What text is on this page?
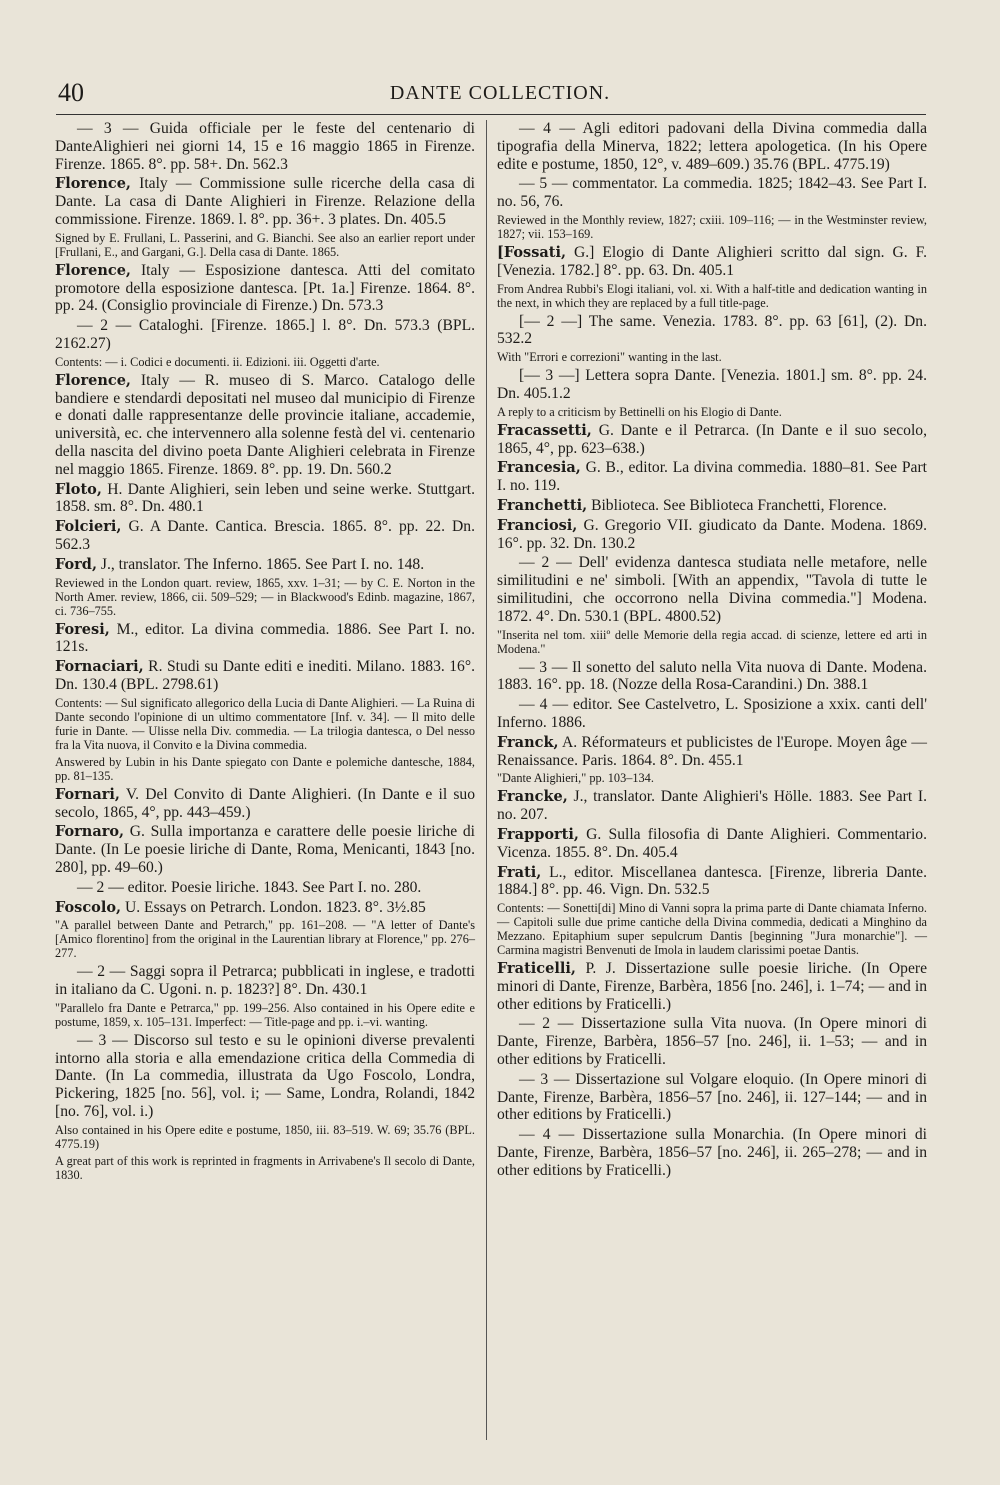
40	DANTE COLLECTION.

— 3 — Guida officiale per le feste del centenario di DanteAlighieri nei giorni 14, 15 e 16 maggio 1865 in Firenze. Firenze. 1865. 8°. pp. 58+. Dn. 562.3

Florence, Italy — Commissione sulle ricerche della casa di Dante. La casa di Dante Alighieri in Firenze. Relazione della commissione. Firenze. 1869. l. 8°. pp. 36+. 3 plates. Dn. 405.5

Signed by E. Frullani, L. Passerini, and G. Bianchi. See also an earlier report under [Frullani, E., and Gargani, G.]. Della casa di Dante. 1865.

Florence, Italy — Esposizione dantesca. Atti del comitato promotore della esposizione dantesca. [Pt. 1a.] Firenze. 1864. 8°. pp. 24. (Consiglio provinciale di Firenze.) Dn. 573.3

— 2 — Cataloghi. [Firenze. 1865.] l. 8°. Dn. 573.3 (BPL. 2162.27)

Contents: — i. Codici e documenti. ii. Edizioni. iii. Oggetti d'arte.

Florence, Italy — R. museo di S. Marco. Catalogo delle bandiere e stendardi depositati nel museo dal municipio di Firenze e donati dalle rappresentanze delle provincie italiane, accademie, università, ec. che intervennero alla solenne festà del vi. centenario della nascita del divino poeta Dante Alighieri celebrata in Firenze nel maggio 1865. Firenze. 1869. 8°. pp. 19. Dn. 560.2

Floto, H. Dante Alighieri, sein leben und seine werke. Stuttgart. 1858. sm. 8°. Dn. 480.1

Folcieri, G. A Dante. Cantica. Brescia. 1865. 8°. pp. 22. Dn. 562.3

Ford, J., translator. The Inferno. 1865. See Part I. no. 148.

Reviewed in the London quart. review, 1865, xxv. 1–31; — by C. E. Norton in the North Amer. review, 1866, cii. 509–529; — in Blackwood's Edinb. magazine, 1867, ci. 736–755.

Foresi, M., editor. La divina commedia. 1886. See Part I. no. 121s.

Fornaciari, R. Studi su Dante editi e inediti. Milano. 1883. 16°. Dn. 130.4 (BPL. 2798.61)

Contents: — Sul significato allegorico della Lucia di Dante Alighieri. — La Ruina di Dante secondo l'opinione di un ultimo commentatore [Inf. v. 34]. — Il mito delle furie in Dante. — Ulisse nella Div. commedia. — La trilogia dantesca, o Del nesso fra la Vita nuova, il Convito e la Divina commedia.

Answered by Lubin in his Dante spiegato con Dante e polemiche dantesche, 1884, pp. 81–135.

Fornari, V. Del Convito di Dante Alighieri. (In Dante e il suo secolo, 1865, 4°, pp. 443–459.)

Fornaro, G. Sulla importanza e carattere delle poesie liriche di Dante. (In Le poesie liriche di Dante, Roma, Menicanti, 1843 [no. 280], pp. 49–60.)

— 2 — editor. Poesie liriche. 1843. See Part I. no. 280.

Foscolo, U. Essays on Petrarch. London. 1823. 8°. 3½.85

"A parallel between Dante and Petrarch," pp. 161–208. — "A letter of Dante's [Amico florentino] from the original in the Laurentian library at Florence," pp. 276–277.

— 2 — Saggi sopra il Petrarca; pubblicati in inglese, e tradotti in italiano da C. Ugoni. n. p. 1823?] 8°. Dn. 430.1

"Parallelo fra Dante e Petrarca," pp. 199–256. Also contained in his Opere edite e postume, 1859, x. 105–131. Imperfect: — Title-page and pp. i.–vi. wanting.

— 3 — Discorso sul testo e su le opinioni diverse prevalenti intorno alla storia e alla emendazione critica della Commedia di Dante. (In La commedia, illustrata da Ugo Foscolo, Londra, Pickering, 1825 [no. 56], vol. i; — Same, Londra, Rolandi, 1842 [no. 76], vol. i.)

Also contained in his Opere edite e postume, 1850, iii. 83–519. W. 69; 35.76 (BPL. 4775.19)

A great part of this work is reprinted in fragments in Arrivabene's Il secolo di Dante, 1830.

— 4 — Agli editori padovani della Divina commedia dalla tipografia della Minerva, 1822; lettera apologetica. (In his Opere edite e postume, 1850, 12°, v. 489–609.) 35.76 (BPL. 4775.19)

— 5 — commentator. La commedia. 1825; 1842–43. See Part I. no. 56, 76.

Reviewed in the Monthly review, 1827; cxiii. 109–116; — in the Westminster review, 1827; vii. 153–169.

[Fossati, G.] Elogio di Dante Alighieri scritto dal sign. G. F. [Venezia. 1782.] 8°. pp. 63. Dn. 405.1

From Andrea Rubbi's Elogi italiani, vol. xi. With a half-title and dedication wanting in the next, in which they are replaced by a full title-page.

[— 2 —] The same. Venezia. 1783. 8°. pp. 63 [61], (2). Dn. 532.2

With "Errori e correzioni" wanting in the last.

[— 3 —] Lettera sopra Dante. [Venezia. 1801.] sm. 8°. pp. 24. Dn. 405.1.2

A reply to a criticism by Bettinelli on his Elogio di Dante.

Fracassetti, G. Dante e il Petrarca. (In Dante e il suo secolo, 1865, 4°, pp. 623–638.)

Francesia, G. B., editor. La divina commedia. 1880–81. See Part I. no. 119.

Franchetti, Biblioteca. See Biblioteca Franchetti, Florence.

Franciosi, G. Gregorio VII. giudicato da Dante. Modena. 1869. 16°. pp. 32. Dn. 130.2

— 2 — Dell' evidenza dantesca studiata nelle metafore, nelle similitudini e ne' simboli. [With an appendix, "Tavola di tutte le similitudini, che occorrono nella Divina commedia."] Modena. 1872. 4°. Dn. 530.1 (BPL. 4800.52)

"Inserita nel tom. xiiiº delle Memorie della regia accad. di scienze, lettere ed arti in Modena."

— 3 — Il sonetto del saluto nella Vita nuova di Dante. Modena. 1883. 16°. pp. 18. (Nozze della Rosa-Carandini.) Dn. 388.1

— 4 — editor. See Castelvetro, L. Sposizione a xxix. canti dell' Inferno. 1886.

Franck, A. Réformateurs et publicistes de l'Europe. Moyen âge — Renaissance. Paris. 1864. 8°. Dn. 455.1

"Dante Alighieri," pp. 103–134.

Francke, J., translator. Dante Alighieri's Hölle. 1883. See Part I. no. 207.

Frapporti, G. Sulla filosofia di Dante Alighieri. Commentario. Vicenza. 1855. 8°. Dn. 405.4

Frati, L., editor. Miscellanea dantesca. [Firenze, libreria Dante. 1884.] 8°. pp. 46. Vign. Dn. 532.5

Contents: — Sonetti[di] Mino di Vanni sopra la prima parte di Dante chiamata Inferno. — Capitoli sulle due prime cantiche della Divina commedia, dedicati a Minghino da Mezzano. Epitaphium super sepulcrum Dantis [beginning "Jura monarchie"]. — Carmina magistri Benvenuti de Imola in laudem clarissimi poetae Dantis.

Fraticelli, P. J. Dissertazione sulle poesie liriche. (In Opere minori di Dante, Firenze, Barbèra, 1856 [no. 246], i. 1–74; — and in other editions by Fraticelli.)

— 2 — Dissertazione sulla Vita nuova. (In Opere minori di Dante, Firenze, Barbèra, 1856–57 [no. 246], ii. 1–53; — and in other editions by Fraticelli.

— 3 — Dissertazione sul Volgare eloquio. (In Opere minori di Dante, Firenze, Barbèra, 1856–57 [no. 246], ii. 127–144; — and in other editions by Fraticelli.)

— 4 — Dissertazione sulla Monarchia. (In Opere minori di Dante, Firenze, Barbèra, 1856–57 [no. 246], ii. 265–278; — and in other editions by Fraticelli.)
